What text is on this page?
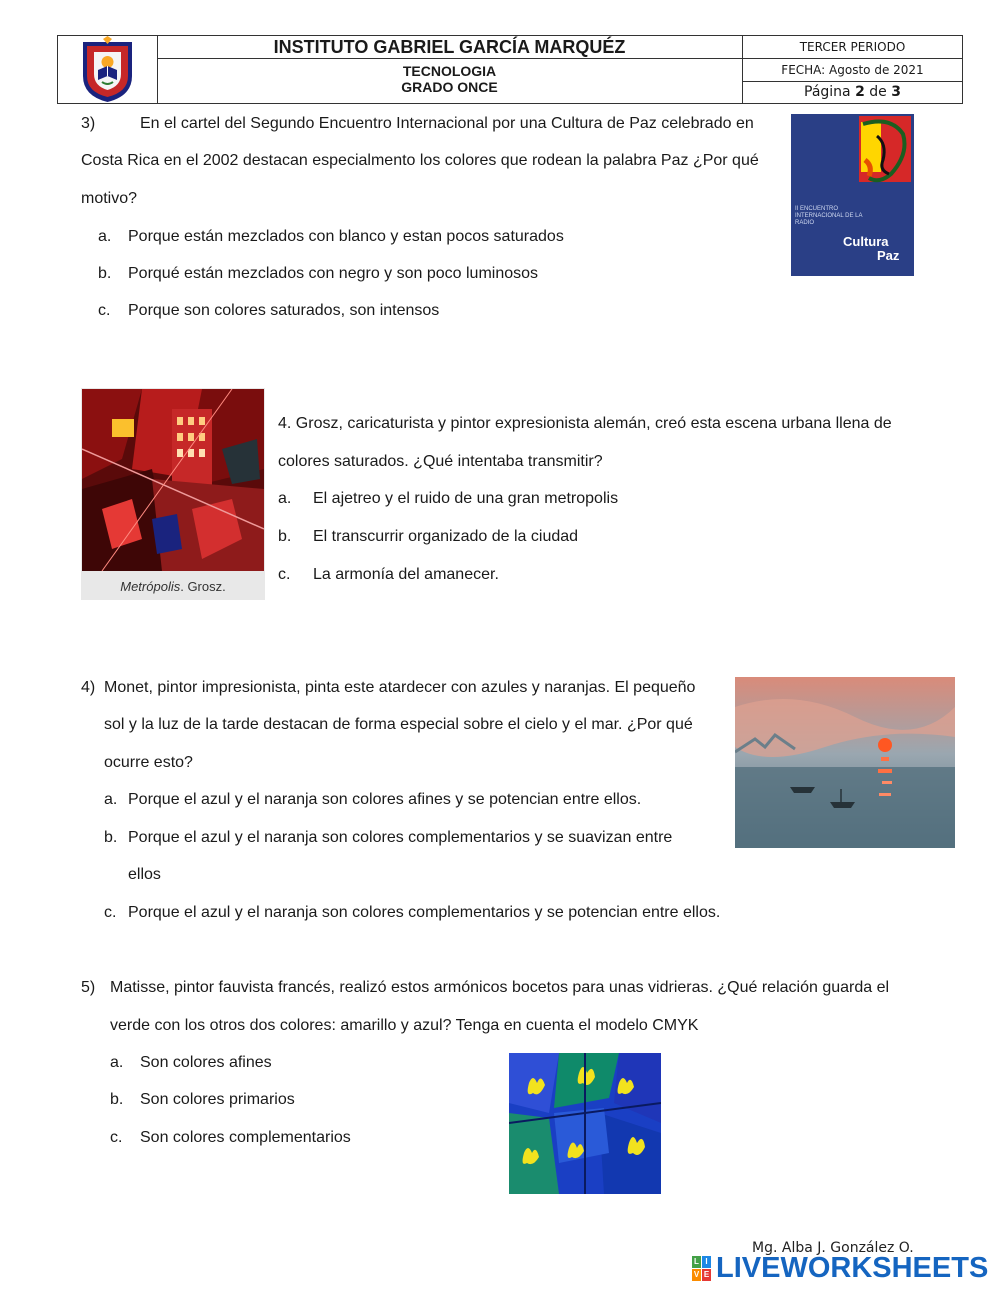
INSTITUTO GABRIEL GARCÍA MARQUÉZ
TECNOLOGIA
GRADO ONCE
TERCER PERIODO
FECHA: Agosto de 2021
Página 2 de 3
3)	En el cartel del Segundo Encuentro Internacional por una Cultura de Paz celebrado en
Costa Rica en el 2002 destacan especialmento los colores que rodean la palabra Paz ¿Por qué
motivo?
a. Porque están mezclados con blanco y estan pocos saturados
b. Porqué están mezclados con negro y son poco luminosos
c. Porque son colores saturados, son intensos
II ENCUENTRO INTERNACIONAL DE LA RADIO
Cultura
Paz
Metrópolis. Grosz.
4. Grosz, caricaturista y pintor expresionista alemán, creó esta escena urbana llena de
colores saturados. ¿Qué intentaba transmitir?
a. El ajetreo y el ruido de una gran metropolis
b. El transcurrir organizado de la ciudad
c. La armonía del amanecer.
4) Monet, pintor impresionista, pinta este atardecer con azules y naranjas. El pequeño
sol y la luz de la tarde destacan de forma especial sobre el cielo y el mar. ¿Por qué
ocurre esto?
a. Porque el azul y el naranja son colores afines y se potencian entre ellos.
b. Porque el azul y el naranja son colores complementarios y se suavizan entre
ellos
c. Porque el azul y el naranja son colores complementarios y se potencian entre ellos.
5) Matisse, pintor fauvista francés, realizó estos armónicos bocetos para unas vidrieras. ¿Qué relación guarda el
verde con los otros dos colores: amarillo y azul? Tenga en cuenta el modelo CMYK
a. Son colores afines
b. Son colores primarios
c. Son colores complementarios
Mg. Alba J. González O.
L I
V E LIVEWORKSHEETS
